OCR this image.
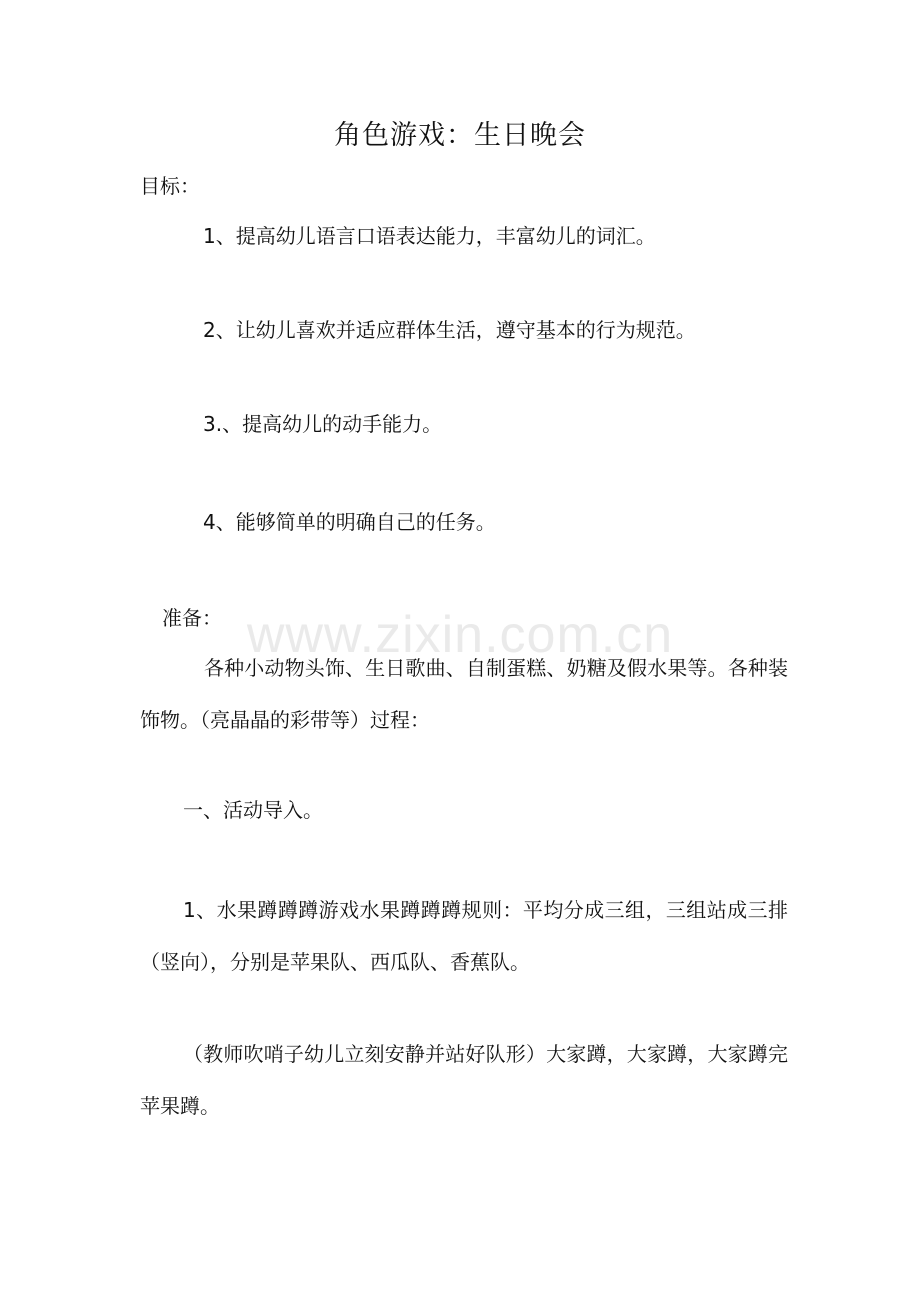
角色游戏：生日晚会
目标：
1、提高幼儿语言口语表达能力，丰富幼儿的词汇。
2、让幼儿喜欢并适应群体生活，遵守基本的行为规范。
3.、提高幼儿的动手能力。
4、能够简单的明确自己的任务。
准备：
各种小动物头饰、生日歌曲、自制蛋糕、奶糖及假水果等。各种装饰物。（亮晶晶的彩带等）过程：
一、活动导入。
1、水果蹲蹲蹲游戏水果蹲蹲蹲规则：平均分成三组，三组站成三排（竖向），分别是苹果队、西瓜队、香蕉队。
（教师吹哨子幼儿立刻安静并站好队形）大家蹲，大家蹲，大家蹲完苹果蹲。
www.zixin.com.cn
